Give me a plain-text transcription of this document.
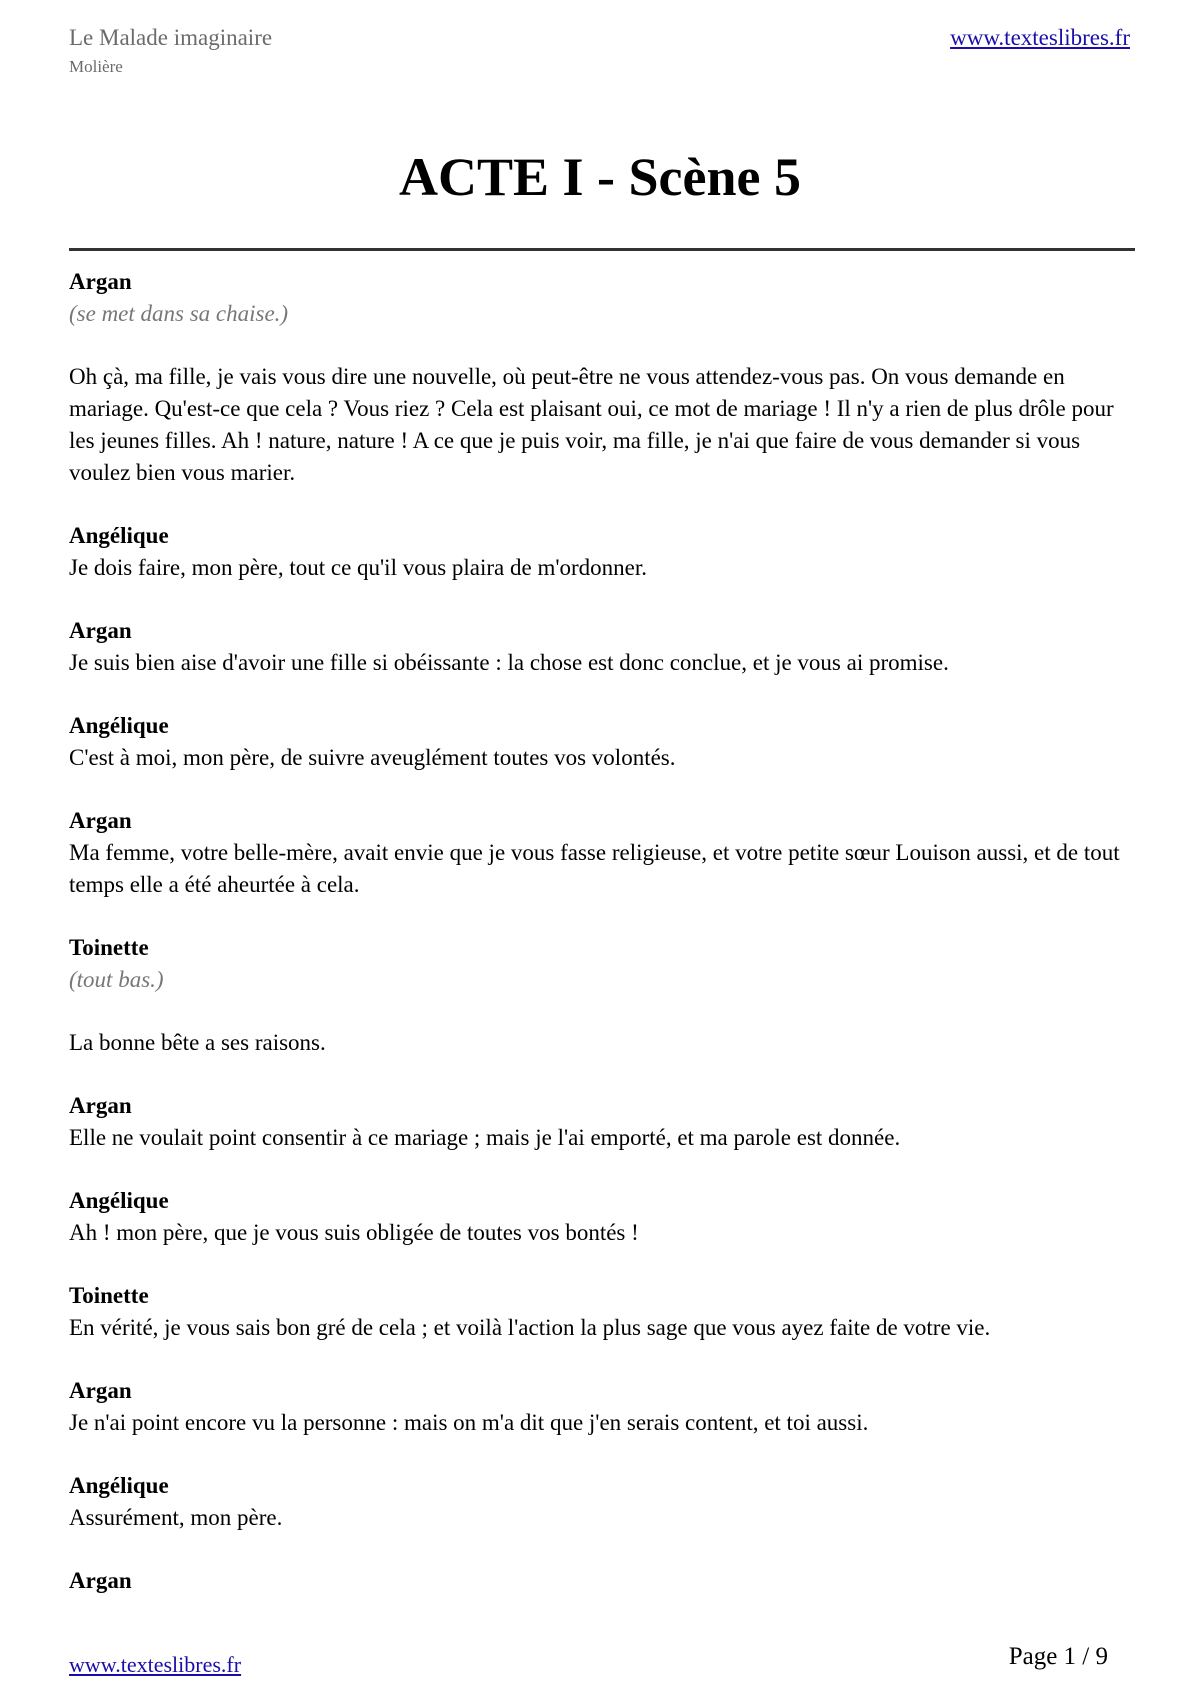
Le Malade imaginaire
Molière
www.texteslibres.fr
ACTE I - Scène 5
Argan
(se met dans sa chaise.)
Oh çà, ma fille, je vais vous dire une nouvelle, où peut-être ne vous attendez-vous pas. On vous demande en mariage. Qu'est-ce que cela ? Vous riez ? Cela est plaisant oui, ce mot de mariage ! Il n'y a rien de plus drôle pour les jeunes filles. Ah ! nature, nature ! A ce que je puis voir, ma fille, je n'ai que faire de vous demander si vous voulez bien vous marier.
Angélique
Je dois faire, mon père, tout ce qu'il vous plaira de m'ordonner.
Argan
Je suis bien aise d'avoir une fille si obéissante : la chose est donc conclue, et je vous ai promise.
Angélique
C'est à moi, mon père, de suivre aveuglément toutes vos volontés.
Argan
Ma femme, votre belle-mère, avait envie que je vous fasse religieuse, et votre petite sœur Louison aussi, et de tout temps elle a été aheurtée à cela.
Toinette
(tout bas.)
La bonne bête a ses raisons.
Argan
Elle ne voulait point consentir à ce mariage ; mais je l'ai emporté, et ma parole est donnée.
Angélique
Ah ! mon père, que je vous suis obligée de toutes vos bontés !
Toinette
En vérité, je vous sais bon gré de cela ; et voilà l'action la plus sage que vous ayez faite de votre vie.
Argan
Je n'ai point encore vu la personne : mais on m'a dit que j'en serais content, et toi aussi.
Angélique
Assurément, mon père.
Argan
www.texteslibres.fr	Page 1 / 9
